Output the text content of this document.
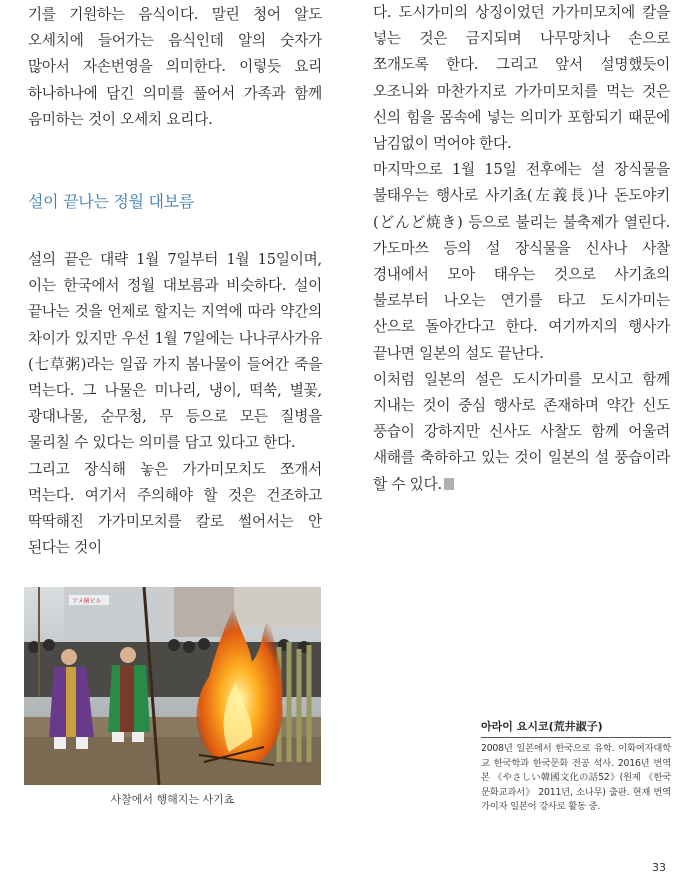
기를 기원하는 음식이다. 말린 청어 알도 오세치에 들어가는 음식인데 알의 숫자가 많아서 자손번영을 의미한다. 이렇듯 요리 하나하나에 담긴 의미를 풀어서 가족과 함께 음미하는 것이 오세치 요리다.

설이 끝나는 정월 대보름

설의 끝은 대략 1월 7일부터 1월 15일이며, 이는 한국에서 정월 대보름과 비슷하다. 설이 끝나는 것을 언제로 할지는 지역에 따라 약간의 차이가 있지만 우선 1월 7일에는 나나쿠사가유(七草粥)라는 일곱 가지 봄나물이 들어간 죽을 먹는다. 그 나물은 미나리, 냉이, 떡쑥, 별꽃, 광대나물, 순무청, 무 등으로 모든 질병을 물리칠 수 있다는 의미를 담고 있다고 한다.

그리고 장식해 놓은 가가미모치도 쪼개서 먹는다. 여기서 주의해야 할 것은 건조하고 딱딱해진 가가미모치를 칼로 썰어서는 안 된다는 것이

다. 도시가미의 상징이었던 가가미모치에 칼을 넣는 것은 금지되며 나무망치나 손으로 쪼개도록 한다. 그리고 앞서 설명했듯이 오조니와 마찬가지로 가가미모치를 먹는 것은 신의 힘을 몸속에 넣는 의미가 포함되기 때문에 남김없이 먹어야 한다.

마지막으로 1월 15일 전후에는 설 장식물을 불태우는 행사로 사기쵸(左義長)나 돈도야키(どんど焼き) 등으로 불리는 불축제가 열린다. 가도마쓰 등의 설 장식물을 신사나 사찰 경내에서 모아 태우는 것으로 사기쵸의 불로부터 나오는 연기를 타고 도시가미는 산으로 돌아간다고 한다. 여기까지의 행사가 끝나면 일본의 설도 끝난다.

이처럼 일본의 설은 도시가미를 모시고 함께 지내는 것이 중심 행사로 존재하며 약간 신도 풍습이 강하지만 신사도 사찰도 함께 어울려 새해를 축하하고 있는 것이 일본의 설 풍습이라 할 수 있다.

アメ横ビル
사찰에서 행해지는 사기쵸
아라이 요시코(荒井淑子)
2008년 일본에서 한국으로 유학. 이화여자대학교 한국학과 한국문화 전공 석사. 2016년 번역본 《やさしい韓國文化の話52》(원제 《한국문화교과서》 2011년, 소나무) 출판. 현재 번역가이자 일본어 강사로 활동 중.
33
